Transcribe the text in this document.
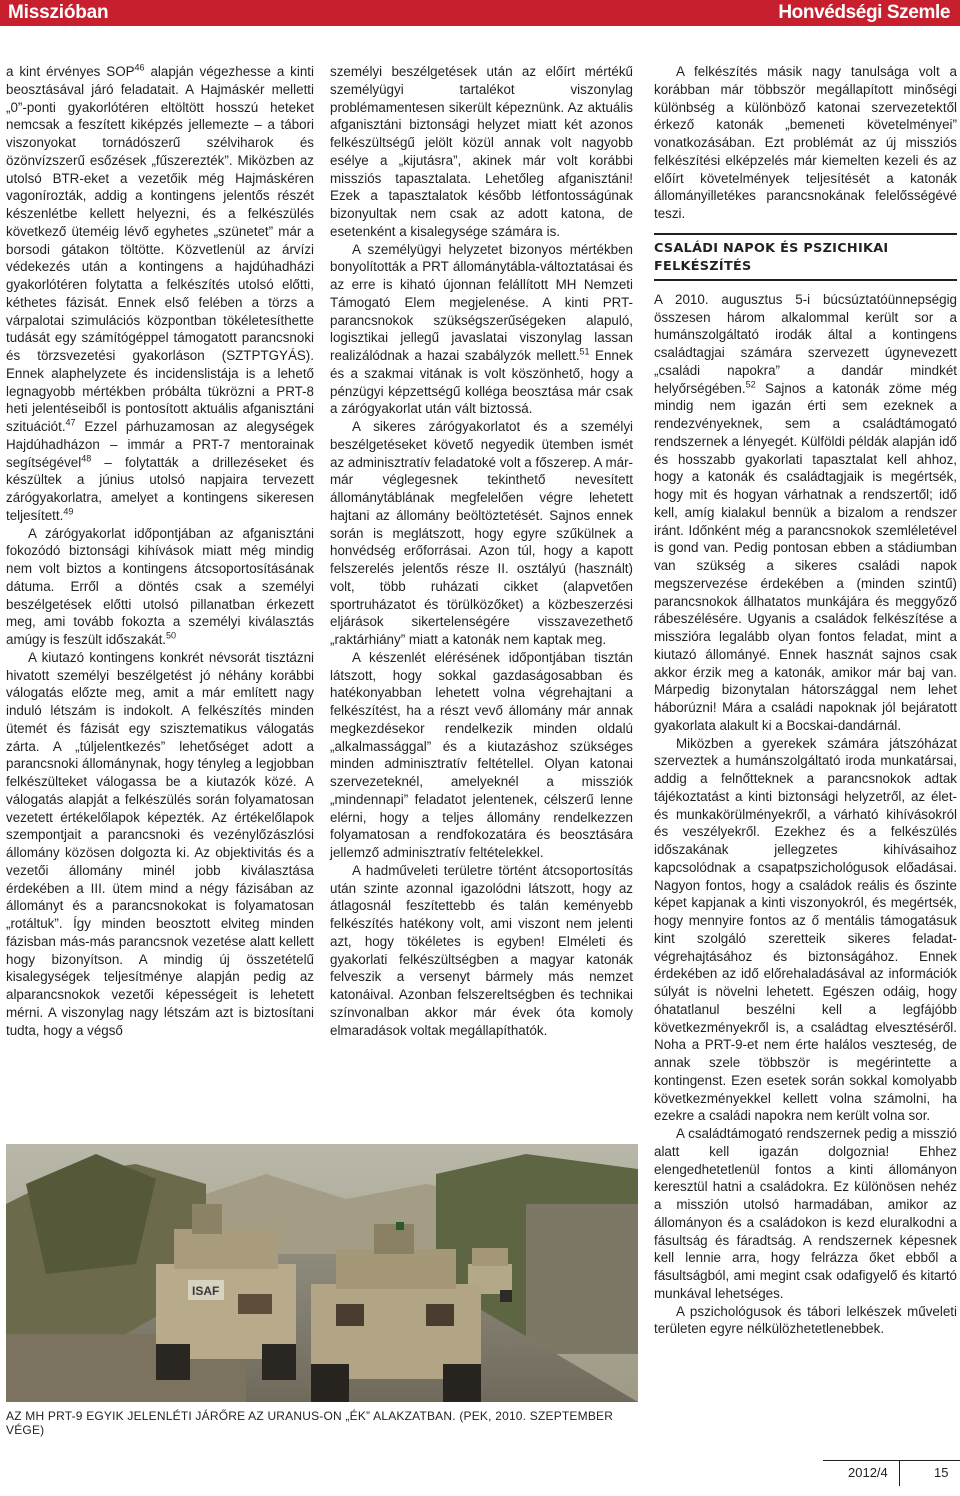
Misszióban	Honvédségi Szemle

a kint érvényes SOP$^{46}$ alapján végezhesse a kinti beosztásával járó feladatait. A Hajmáskér melletti „0”-ponti gyakorlótéren eltöltött hosszú heteket nemcsak a feszített kiképzés jellemezte – a tábori viszonyokat tornádószerű szélviharok és özönvízszerű esőzések „fűszerezték”. Miközben az utolsó BTR-eket a vezetőik még Hajmáskéren vagonírozták, addig a kontingens jelentős részét készenlétbe kellett helyezni, és a felkészülés következő üteméig lévő egyhetes „szünetet” már a borsodi gátakon töltötte. Közvetlenül az árvízi védekezés után a kontingens a hajdúhadházi gyakorlótéren folytatta a felkészítés utolsó előtti, kéthetes fázisát. Ennek első felében a törzs a várpalotai szimulációs központban tökéletesíthette tudását egy számítógéppel támogatott parancsnoki és törzsvezetési gyakorláson (SZTPTGYÁS). Ennek alaphelyzete és incidenslistája is a lehető legnagyobb mértékben próbálta tükrözni a PRT-8 heti jelentéseiből is pontosított aktuális afganisztáni szituációt.$^{47}$ Ezzel párhuzamosan az alegységek Hajdúhadházon – immár a PRT-7 mentorainak segítségével$^{48}$ – folytatták a drillezéseket és készültek a június utolsó napjaira tervezett zárógyakorlatra, amelyet a kontingens sikeresen teljesített.$^{49}$

A zárógyakorlat időpontjában az afganisztáni fokozódó biztonsági kihívások miatt még mindig nem volt biztos a kontingens átcsoportosításának dátuma. Erről a döntés csak a személyi beszélgetések előtti utolsó pillanatban érkezett meg, ami tovább fokozta a személyi kiválasztás amúgy is feszült időszakát.$^{50}$

A kiutazó kontingens konkrét névsorát tisztázni hivatott személyi beszélgetést jó néhány korábbi válogatás előzte meg, amit a már említett nagy induló létszám is indokolt. A felkészítés minden ütemét és fázisát egy szisztematikus válogatás zárta. A „túljelentkezés” lehetőséget adott a parancsnoki állománynak, hogy tényleg a legjobban felkészülteket válogassa be a kiutazók közé. A válogatás alapját a felkészülés során folyamatosan vezetett értékelőlapok képezték. Az értékelőlapok szempontjait a parancsnoki és vezénylőzászlósi állomány közösen dolgozta ki. Az objektivitás és a vezetői állomány minél jobb kiválasztása érdekében a III. ütem mind a négy fázisában az állományt és a parancsnokokat is folyamatosan „rotáltuk”. Így minden beosztott elviteg minden fázisban más-más parancsnok vezetése alatt kellett hogy bizonyítson. A mindig új összetételű kisalegységek teljesítménye alapján pedig az alparancsnokok vezetői képességeit is lehetett mérni. A viszonylag nagy létszám azt is biztosítani tudta, hogy a végső

személyi beszélgetések után az előírt mértékű személyügyi tartalékot viszonylag problémamentesen sikerült képeznünk. Az aktuális afganisztáni biztonsági helyzet miatt két azonos felkészültségű jelölt közül annak volt nagyobb esélye a „kijutásra”, akinek már volt korábbi missziós tapasztalata. Lehetőleg afganisztáni! Ezek a tapasztalatok később létfontosságúnak bizonyultak nem csak az adott katona, de esetenként a kisalegysége számára is.

A személyügyi helyzetet bizonyos mértékben bonyolították a PRT állománytábla-változtatásai és az erre is kiható újonnan felállított MH Nemzeti Támogató Elem megjelenése. A kinti PRT-parancsnokok szükségszerűségeken alapuló, logisztikai jellegű javaslatai viszonylag lassan realizálódnak a hazai szabályzók mellett.$^{51}$ Ennek és a szakmai vitának is volt köszönhető, hogy a pénzügyi képzettségű kolléga beosztása már csak a zárógyakorlat után vált biztossá.

A sikeres zárógyakorlatot és a személyi beszélgetéseket követő negyedik ütemben ismét az adminisztratív feladatoké volt a főszerep. A már-már véglegesnek tekinthető nevesített állománytáblának megfelelően végre lehetett hajtani az állomány beöltöztetését. Sajnos ennek során is meglátszott, hogy egyre szűkülnek a honvédség erőforrásai. Azon túl, hogy a kapott felszerelés jelentős része II. osztályú (használt) volt, több ruházati cikket (alapvetően sportruházatot és törülközőket) a közbeszerzési eljárások sikertelenségére visszavezethető „raktárhiány” miatt a katonák nem kaptak meg.

A készenlét elérésének időpontjában tisztán látszott, hogy sokkal gazdaságosabban és hatékonyabban lehetett volna végrehajtani a felkészítést, ha a részt vevő állomány már annak megkezdésekor rendelkezik minden oldalú „alkalmassággal” és a kiutazáshoz szükséges minden adminisztratív feltétellel. Olyan katonai szervezeteknél, amelyeknél a missziók „mindennapi” feladatot jelentenek, célszerű lenne elérni, hogy a teljes állomány rendelkezzen folyamatosan a rendfokozatára és beosztására jellemző adminisztratív feltételekkel.

A hadműveleti területre történt átcsoportosítás után szinte azonnal igazolódni látszott, hogy az átlagosnál feszítettebb és talán keményebb felkészítés hatékony volt, ami viszont nem jelenti azt, hogy tökéletes is egyben! Elméleti és gyakorlati felkészültségben a magyar katonák felveszik a versenyt bármely más nemzet katonáival. Azonban felszereltségben és technikai színvonalban akkor már évek óta komoly elmaradások voltak megállapíthatók.

A felkészítés másik nagy tanulsága volt a korábban már többször megállapított minőségi különbség a különböző katonai szervezetektől érkező katonák „bemeneti követelményei” vonatkozásában. Ezt problémát az új missziós felkészítési elképzelés már kiemelten kezeli és az előírt követelmények teljesítését a katonák állományilletékes parancsnokának felelősségévé teszi.

CSALÁDI NAPOK ÉS PSZICHIKAI FELKÉSZÍTÉS

A 2010. augusztus 5-i búcsúztatóünnepségig összesen három alkalommal került sor a humánszolgáltató irodák által a kontingens családtagjai számára szervezett úgynevezett „családi napokra” a dandár mindkét helyőrségében.$^{52}$ Sajnos a katonák zöme még mindig nem igazán érti sem ezeknek a rendezvényeknek, sem a családtámogató rendszernek a lényegét. Külföldi példák alapján idő és hosszabb gyakorlati tapasztalat kell ahhoz, hogy a katonák és családtagjaik is megértsék, hogy mit és hogyan várhatnak a rendszertől; idő kell, amíg kialakul bennük a bizalom a rendszer iránt. Időnként még a parancsnokok szemléletével is gond van. Pedig pontosan ebben a stádiumban van szükség a sikeres családi napok megszervezése érdekében a (minden szintű) parancsnokok állhatatos munkájára és meggyőző rábeszélésére. Ugyanis a családok felkészítése a misszióra legalább olyan fontos feladat, mint a kiutazó állományé. Ennek hasznát sajnos csak akkor érzik meg a katonák, amikor már baj van. Márpedig bizonytalan hátországgal nem lehet háborúzni! Mára a családi napoknak jól bejáratott gyakorlata alakult ki a Bocskai-dandárnál.

Miközben a gyerekek számára játszóházat szerveztek a humánszolgáltató iroda munkatársai, addig a felnőtteknek a parancsnokok adtak tájékoztatást a kinti biztonsági helyzetről, az élet- és munkakörülményekről, a várható kihívásokról és veszélyekről. Ezekhez és a felkészülés időszakának jellegzetes kihívásaihoz kapcsolódnak a csapatpszichológusok előadásai. Nagyon fontos, hogy a családok reális és őszinte képet kapjanak a kinti viszonyokról, és megértsék, hogy mennyire fontos az ő mentális támogatásuk kint szolgáló szeretteik sikeres feladat-végrehajtásához és biztonságához. Ennek érdekében az idő előrehaladásával az információk súlyát is növelni lehetett. Egészen odáig, hogy óhatatlanul beszélni kell a legfájóbb következményekről is, a családtag elvesztéséről. Noha a PRT-9-et nem érte halálos veszteség, de annak szele többször is megérintette a kontingenst. Ezen esetek során sokkal komolyabb következményekkel kellett volna számolni, ha ezekre a családi napokra nem került volna sor.

A családtámogató rendszernek pedig a misszió alatt kell igazán dolgoznia! Ehhez elengedhetetlenül fontos a kinti állományon keresztül hatni a családokra. Ez különösen nehéz a misszión utolsó harmadában, amikor az állományon és a családokon is kezd eluralkodni a fásultság és fáradtság. A rendszernek képesnek kell lennie arra, hogy felrázza őket ebből a fásultságból, ami megint csak odafigyelő és kitartó munkával lehetséges.

A pszichológusok és tábori lelkészek műveleti területen egyre nélkülözhetetlenebbek.

ISAF
AZ MH PRT-9 EGYIK JELENLÉTI JÁRŐRE AZ URANUS-ON „ÉK” ALAKZATBAN. (PEK, 2010. SZEPTEMBER VÉGE)
2012/4	15
